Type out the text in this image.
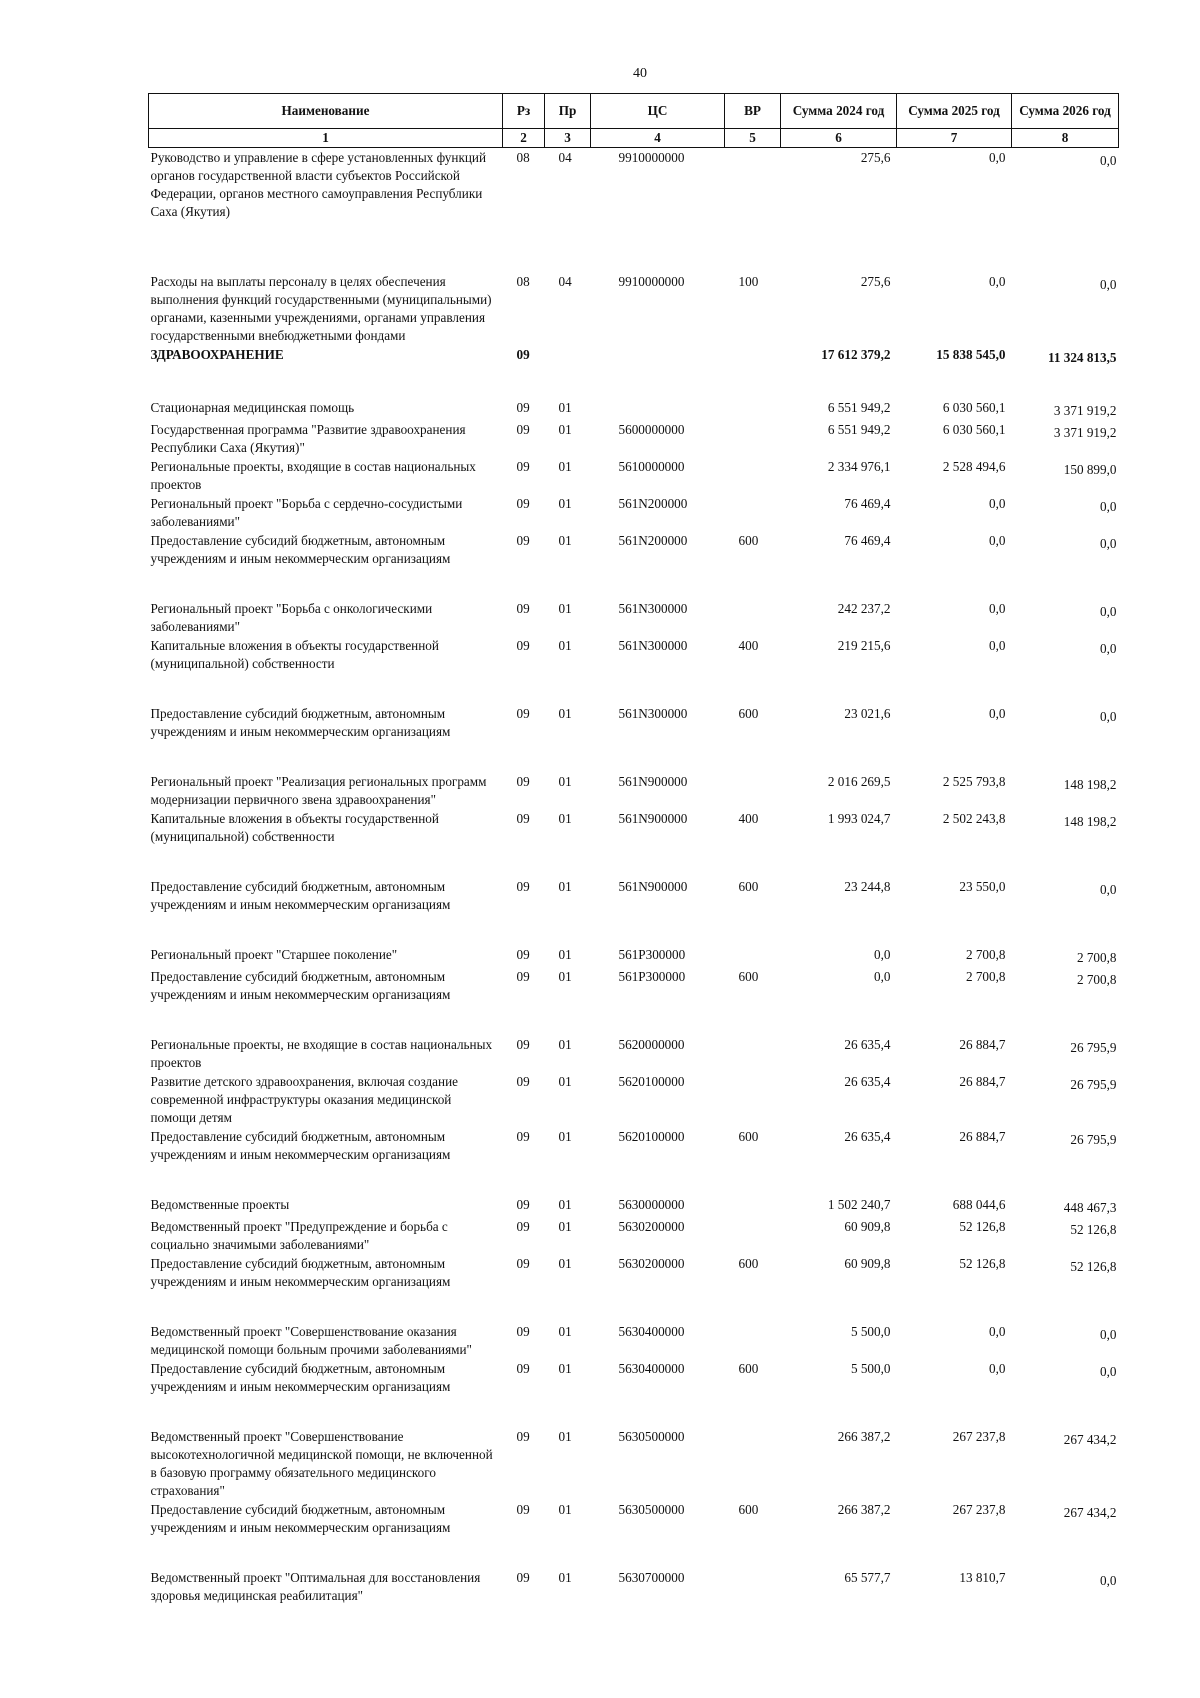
40
Наименование	Рз	Пр	ЦС	ВР	Сумма 2024 год	Сумма 2025 год	Сумма 2026 год
1	2	3	4	5	6	7	8
Руководство и управление в сфере установленных функций органов государственной власти субъектов Российской Федерации, органов местного самоуправления Республики Саха (Якутия)	08	04	9910000000		275,6	0,0	0,0

Расходы на выплаты персоналу в целях обеспечения выполнения функций государственными (муниципальными) органами, казенными учреждениями, органами управления государственными внебюджетными фондами	08	04	9910000000	100	275,6	0,0	0,0
ЗДРАВООХРАНЕНИЕ	09				17 612 379,2	15 838 545,0	11 324 813,5

Стационарная медицинская помощь	09	01			6 551 949,2	6 030 560,1	3 371 919,2
Государственная программа "Развитие здравоохранения Республики Саха (Якутия)"	09	01	5600000000		6 551 949,2	6 030 560,1	3 371 919,2
Региональные проекты, входящие в состав национальных проектов	09	01	5610000000		2 334 976,1	2 528 494,6	150 899,0
Региональный проект "Борьба с сердечно-сосудистыми заболеваниями"	09	01	561N200000		76 469,4	0,0	0,0
Предоставление субсидий бюджетным, автономным учреждениям и иным некоммерческим организациям	09	01	561N200000	600	76 469,4	0,0	0,0

Региональный проект "Борьба с онкологическими заболеваниями"	09	01	561N300000		242 237,2	0,0	0,0
Капитальные вложения в объекты государственной (муниципальной) собственности	09	01	561N300000	400	219 215,6	0,0	0,0

Предоставление субсидий бюджетным, автономным учреждениям и иным некоммерческим организациям	09	01	561N300000	600	23 021,6	0,0	0,0

Региональный проект "Реализация региональных программ модернизации первичного звена здравоохранения"	09	01	561N900000		2 016 269,5	2 525 793,8	148 198,2
Капитальные вложения в объекты государственной (муниципальной) собственности	09	01	561N900000	400	1 993 024,7	2 502 243,8	148 198,2

Предоставление субсидий бюджетным, автономным учреждениям и иным некоммерческим организациям	09	01	561N900000	600	23 244,8	23 550,0	0,0

Региональный проект "Старшее поколение"	09	01	561P300000		0,0	2 700,8	2 700,8
Предоставление субсидий бюджетным, автономным учреждениям и иным некоммерческим организациям	09	01	561P300000	600	0,0	2 700,8	2 700,8

Региональные проекты, не входящие в состав национальных проектов	09	01	5620000000		26 635,4	26 884,7	26 795,9
Развитие детского здравоохранения, включая создание современной инфраструктуры оказания медицинской помощи детям	09	01	5620100000		26 635,4	26 884,7	26 795,9
Предоставление субсидий бюджетным, автономным учреждениям и иным некоммерческим организациям	09	01	5620100000	600	26 635,4	26 884,7	26 795,9

Ведомственные проекты	09	01	5630000000		1 502 240,7	688 044,6	448 467,3
Ведомственный проект "Предупреждение и борьба с социально значимыми заболеваниями"	09	01	5630200000		60 909,8	52 126,8	52 126,8
Предоставление субсидий бюджетным, автономным учреждениям и иным некоммерческим организациям	09	01	5630200000	600	60 909,8	52 126,8	52 126,8

Ведомственный проект "Совершенствование оказания медицинской помощи больным прочими заболеваниями"	09	01	5630400000		5 500,0	0,0	0,0
Предоставление субсидий бюджетным, автономным учреждениям и иным некоммерческим организациям	09	01	5630400000	600	5 500,0	0,0	0,0

Ведомственный проект "Совершенствование высокотехнологичной медицинской помощи, не включенной в базовую программу обязательного медицинского страхования"	09	01	5630500000		266 387,2	267 237,8	267 434,2
Предоставление субсидий бюджетным, автономным учреждениям и иным некоммерческим организациям	09	01	5630500000	600	266 387,2	267 237,8	267 434,2

Ведомственный проект "Оптимальная для восстановления здоровья медицинская реабилитация"	09	01	5630700000		65 577,7	13 810,7	0,0
